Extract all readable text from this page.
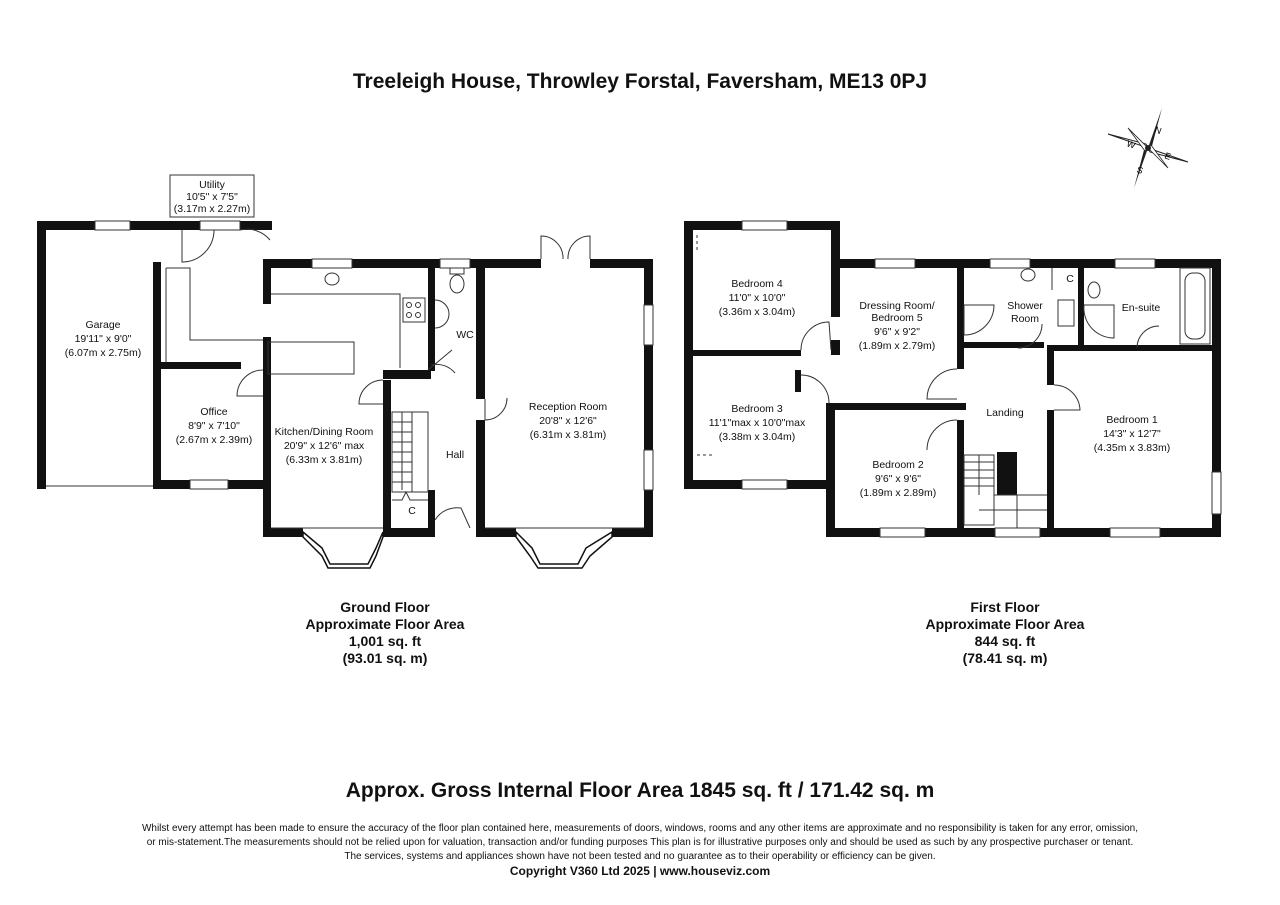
Treeleigh House, Throwley Forstal, Faversham, ME13 0PJ
N
E
S
W
Utility
10'5" x 7'5"
(3.17m x 2.27m)
Garage
19'11" x 9'0"
(6.07m x 2.75m)
Office
8'9" x 7'10"
(2.67m x 2.39m)
Kitchen/Dining Room
20'9" x 12'6" max
(6.33m x 3.81m)
WC
Hall
C
Reception Room
20'8" x 12'6"
(6.31m x 3.81m)
Bedroom 4
11'0" x 10'0"
(3.36m x 3.04m)	Dressing Room/
Bedroom 5
9'6" x 9'2"
(1.89m x 2.79m)
Shower
Room
C
En-suite
Bedroom 3
11'1"max x 10'0"max
(3.38m x 3.04m)
Landing
Bedroom 2
9'6" x 9'6"
(1.89m x 2.89m)
Bedroom 1
14'3" x 12'7"
(4.35m x 3.83m)
Ground Floor
Approximate Floor Area
1,001 sq. ft
(93.01 sq. m)
First Floor
Approximate Floor Area
844 sq. ft
(78.41 sq. m)
Approx. Gross Internal Floor Area 1845 sq. ft / 171.42 sq. m
Whilst every attempt has been made to ensure the accuracy of the floor plan contained here, measurements of doors, windows, rooms and any other items are approximate and no responsibility is taken for any error, omission,
or mis-statement.The measurements should not be relied upon for valuation, transaction and/or funding purposes This plan is for illustrative purposes only and should be used as such by any prospective purchaser or tenant.
The services, systems and appliances shown have not been tested and no guarantee as to their operability or efficiency can be given.
Copyright V360 Ltd 2025 | www.houseviz.com
